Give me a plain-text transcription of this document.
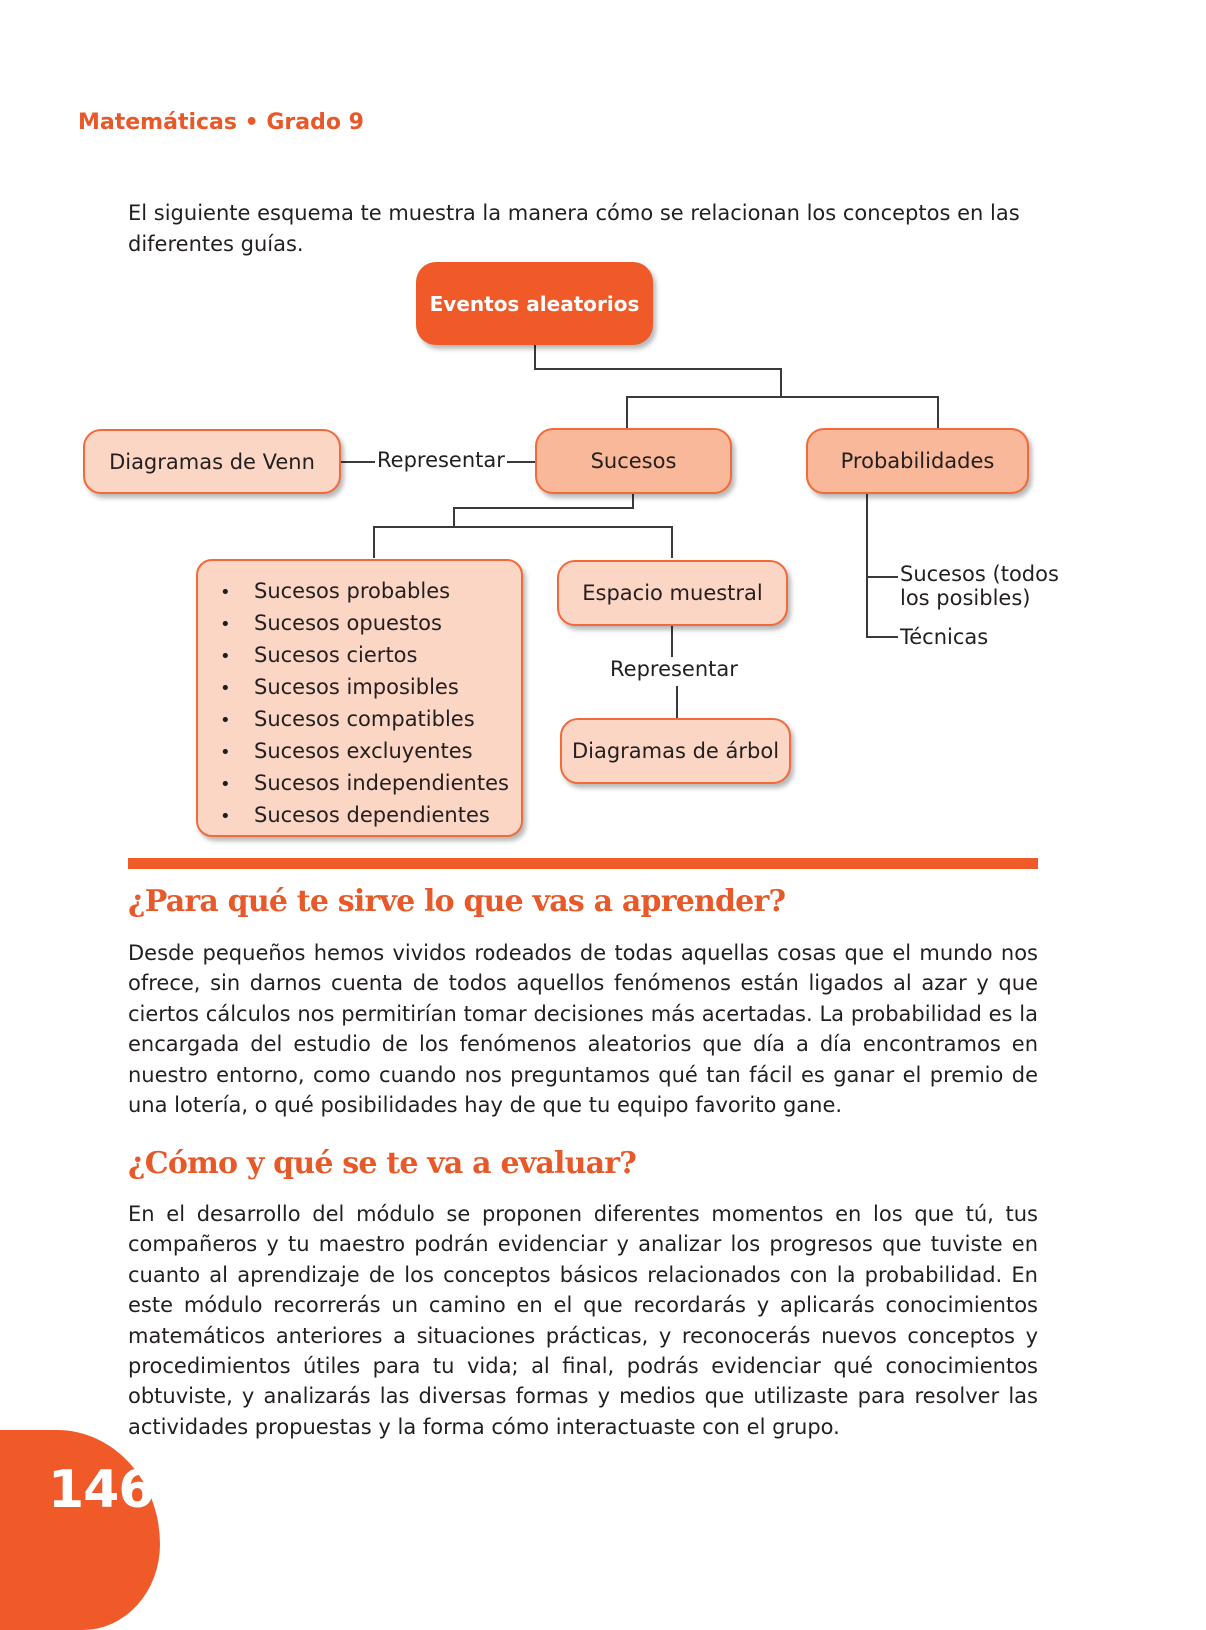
Matemáticas • Grado 9
El siguiente esquema te muestra la manera cómo se relacionan los conceptos en las diferentes guías.
Eventos aleatorios
Diagramas de Venn	Representar	Sucesos	Probabilidades
• Sucesos probables
• Sucesos opuestos
• Sucesos ciertos
• Sucesos imposibles
• Sucesos compatibles
• Sucesos excluyentes
• Sucesos independientes
• Sucesos dependientes
Espacio muestral
Representar
Diagramas de árbol
Sucesos (todos los posibles)
Técnicas
¿Para qué te sirve lo que vas a aprender?
Desde pequeños hemos vividos rodeados de todas aquellas cosas que el mundo nos ofrece, sin darnos cuenta de todos aquellos fenómenos están ligados al azar y que ciertos cálculos nos permitirían tomar decisiones más acertadas. La probabilidad es la encargada del estudio de los fenómenos aleatorios que día a día encontramos en nuestro entorno, como cuando nos preguntamos qué tan fácil es ganar el premio de una lotería, o qué posibilidades hay de que tu equipo favorito gane.
¿Cómo y qué se te va a evaluar?
En el desarrollo del módulo se proponen diferentes momentos en los que tú, tus compañeros y tu maestro podrán evidenciar y analizar los progresos que tuviste en cuanto al aprendizaje de los conceptos básicos relacionados con la probabilidad. En este módulo recorrerás un camino en el que recordarás y aplicarás conocimientos matemáticos anteriores a situaciones prácticas, y reconocerás nuevos conceptos y procedimientos útiles para tu vida; al final, podrás evidenciar qué conocimientos obtuviste, y analizarás las diversas formas y medios que utilizaste para resolver las actividades propuestas y la forma cómo interactuaste con el grupo.
146
